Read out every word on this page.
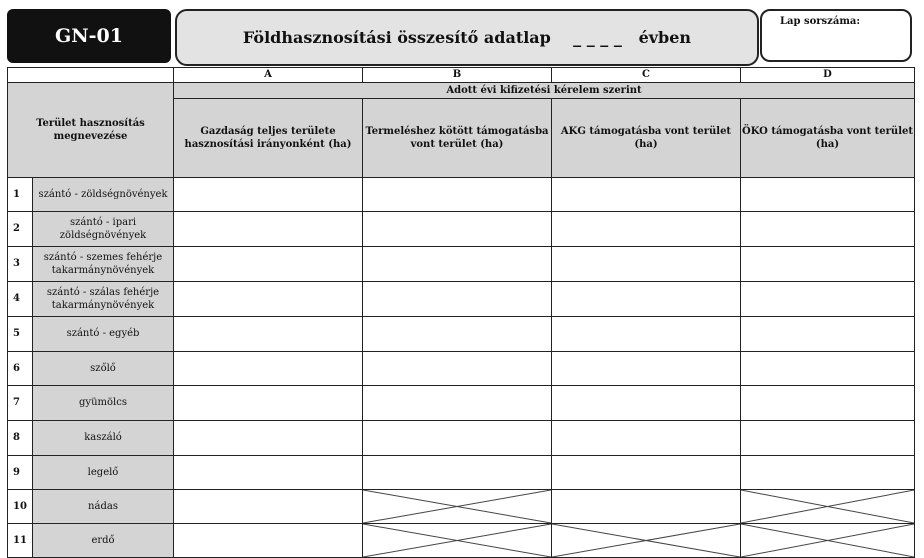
GN-01	Földhasznosítási összesítő adatlap
_ _ _ _
évben
Lap sorszáma:
		A	B	C	D
Terület hasznosítás megnevezése		Adott évi kifizetési kérelem szerint			
		Gazdaság teljes területe hasznosítási irányonként (ha)	Termeléshez kötött támogatásba vont terület (ha)	AKG támogatásba vont terület (ha)	ÖKO támogatásba vont terület (ha)
1	szántó - zöldségnövények				

2	szántó - ipari
zöldségnövények				

3	szántó - szemes fehérje
takarmánynövények				

4	szántó - szálas fehérje
takarmánynövények				

5	szántó - egyéb				

6	szőlő				

7	gyümölcs				

8	kaszáló				

9	legelő				

10	nádas

11	erdő
